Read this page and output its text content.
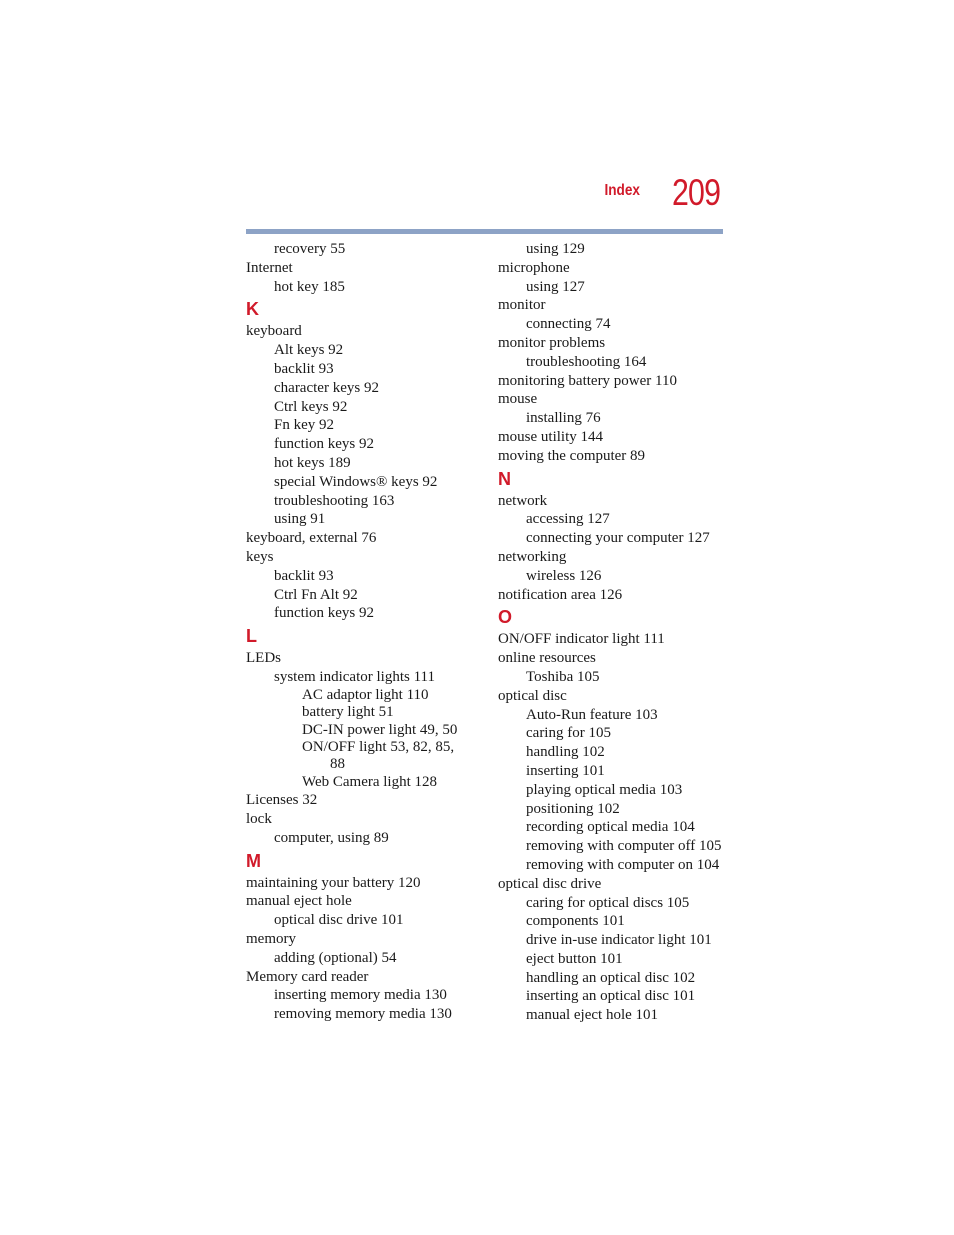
Index 209
recovery 55
Internet
hot key 185
K
keyboard
Alt keys 92
backlit 93
character keys 92
Ctrl keys 92
Fn key 92
function keys 92
hot keys 189
special Windows® keys 92
troubleshooting 163
using 91
keyboard, external 76
keys
backlit 93
Ctrl Fn Alt 92
function keys 92
L
LEDs
system indicator lights 111
AC adaptor light 110
battery light 51
DC-IN power light 49, 50
ON/OFF light 53, 82, 85,
88
Web Camera light 128
Licenses 32
lock
computer, using 89
M
maintaining your battery 120
manual eject hole
optical disc drive 101
memory
adding (optional) 54
Memory card reader
inserting memory media 130
removing memory media 130
using 129
microphone
using 127
monitor
connecting 74
monitor problems
troubleshooting 164
monitoring battery power 110
mouse
installing 76
mouse utility 144
moving the computer 89
N
network
accessing 127
connecting your computer 127
networking
wireless 126
notification area 126
O
ON/OFF indicator light 111
online resources
Toshiba 105
optical disc
Auto-Run feature 103
caring for 105
handling 102
inserting 101
playing optical media 103
positioning 102
recording optical media 104
removing with computer off 105
removing with computer on 104
optical disc drive
caring for optical discs 105
components 101
drive in-use indicator light 101
eject button 101
handling an optical disc 102
inserting an optical disc 101
manual eject hole 101
